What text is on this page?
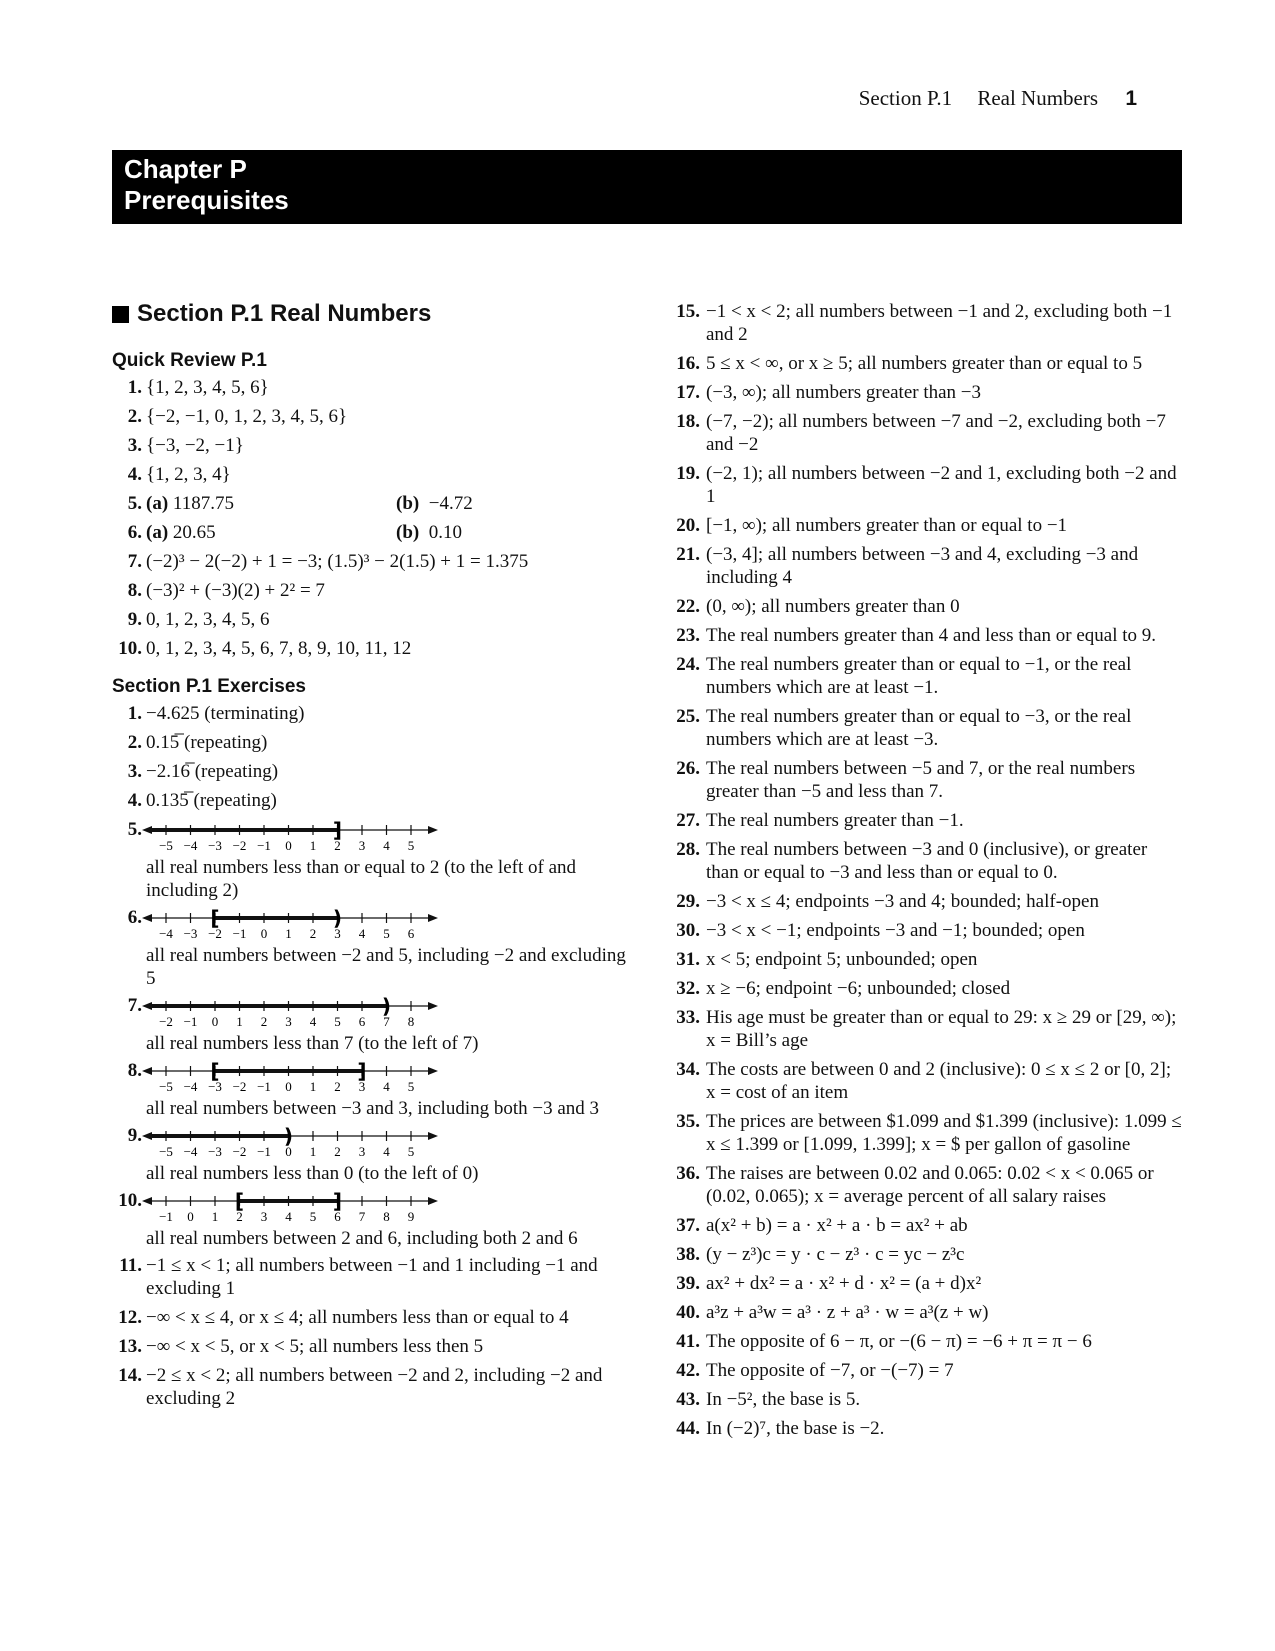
Section P.1 Real Numbers 1
Chapter P
Prerequisites
Section P.1 Real Numbers
Quick Review P.1
1. {1, 2, 3, 4, 5, 6}
2. {−2, −1, 0, 1, 2, 3, 4, 5, 6}
3. {−3, −2, −1}
4. {1, 2, 3, 4}
5. (a) 1187.75	(b) −4.72
6. (a) 20.65	(b) 0.10
7. (−2)³ − 2(−2) + 1 = −3; (1.5)³ − 2(1.5) + 1 = 1.375
8. (−3)² + (−3)(2) + 2² = 7
9. 0, 1, 2, 3, 4, 5, 6
10. 0, 1, 2, 3, 4, 5, 6, 7, 8, 9, 10, 11, 12
Section P.1 Exercises
1. −4.625 (terminating)
2. 0.15̅ (repeating)
3. −2.16̅ (repeating)
4. 0.135̅ (repeating)
5.
−5 −4 −3 −2 −1 0 1 2 3 4 5
]
all real numbers less than or equal to 2 (to the left of and including 2)
6.
−4 −3 −2 −1 0 1 2 3 4 5 6
[	)
all real numbers between −2 and 5, including −2 and excluding 5
7.
−2 −1 0 1 2 3 4 5 6 7 8
)
all real numbers less than 7 (to the left of 7)
8.
−5 −4 −3 −2 −1 0 1 2 3 4 5
[	]
all real numbers between −3 and 3, including both −3 and 3
9.
−5 −4 −3 −2 −1 0 1 2 3 4 5
)
all real numbers less than 0 (to the left of 0)
10.
−1 0 1 2 3 4 5 6 7 8 9
[	]
all real numbers between 2 and 6, including both 2 and 6
11. −1 ≤ x < 1; all numbers between −1 and 1 including −1 and excluding 1
12. −∞ < x ≤ 4, or x ≤ 4; all numbers less than or equal to 4
13. −∞ < x < 5, or x < 5; all numbers less then 5
14. −2 ≤ x < 2; all numbers between −2 and 2, including −2 and excluding 2
15. −1 < x < 2; all numbers between −1 and 2, excluding both −1 and 2
16. 5 ≤ x < ∞, or x ≥ 5; all numbers greater than or equal to 5
17. (−3, ∞); all numbers greater than −3
18. (−7, −2); all numbers between −7 and −2, excluding both −7 and −2
19. (−2, 1); all numbers between −2 and 1, excluding both −2 and 1
20. [−1, ∞); all numbers greater than or equal to −1
21. (−3, 4]; all numbers between −3 and 4, excluding −3 and including 4
22. (0, ∞); all numbers greater than 0
23. The real numbers greater than 4 and less than or equal to 9.
24. The real numbers greater than or equal to −1, or the real numbers which are at least −1.
25. The real numbers greater than or equal to −3, or the real numbers which are at least −3.
26. The real numbers between −5 and 7, or the real numbers greater than −5 and less than 7.
27. The real numbers greater than −1.
28. The real numbers between −3 and 0 (inclusive), or greater than or equal to −3 and less than or equal to 0.
29. −3 < x ≤ 4; endpoints −3 and 4; bounded; half-open
30. −3 < x < −1; endpoints −3 and −1; bounded; open
31. x < 5; endpoint 5; unbounded; open
32. x ≥ −6; endpoint −6; unbounded; closed
33. His age must be greater than or equal to 29: x ≥ 29 or [29, ∞); x = Bill’s age
34. The costs are between 0 and 2 (inclusive): 0 ≤ x ≤ 2 or [0, 2]; x = cost of an item
35. The prices are between $1.099 and $1.399 (inclusive): 1.099 ≤ x ≤ 1.399 or [1.099, 1.399]; x = $ per gallon of gasoline
36. The raises are between 0.02 and 0.065: 0.02 < x < 0.065 or (0.02, 0.065); x = average percent of all salary raises
37. a(x² + b) = a · x² + a · b = ax² + ab
38. (y − z³)c = y · c − z³ · c = yc − z³c
39. ax² + dx² = a · x² + d · x² = (a + d)x²
40. a³z + a³w = a³ · z + a³ · w = a³(z + w)
41. The opposite of 6 − π, or −(6 − π) = −6 + π = π − 6
42. The opposite of −7, or −(−7) = 7
43. In −5², the base is 5.
44. In (−2)⁷, the base is −2.
